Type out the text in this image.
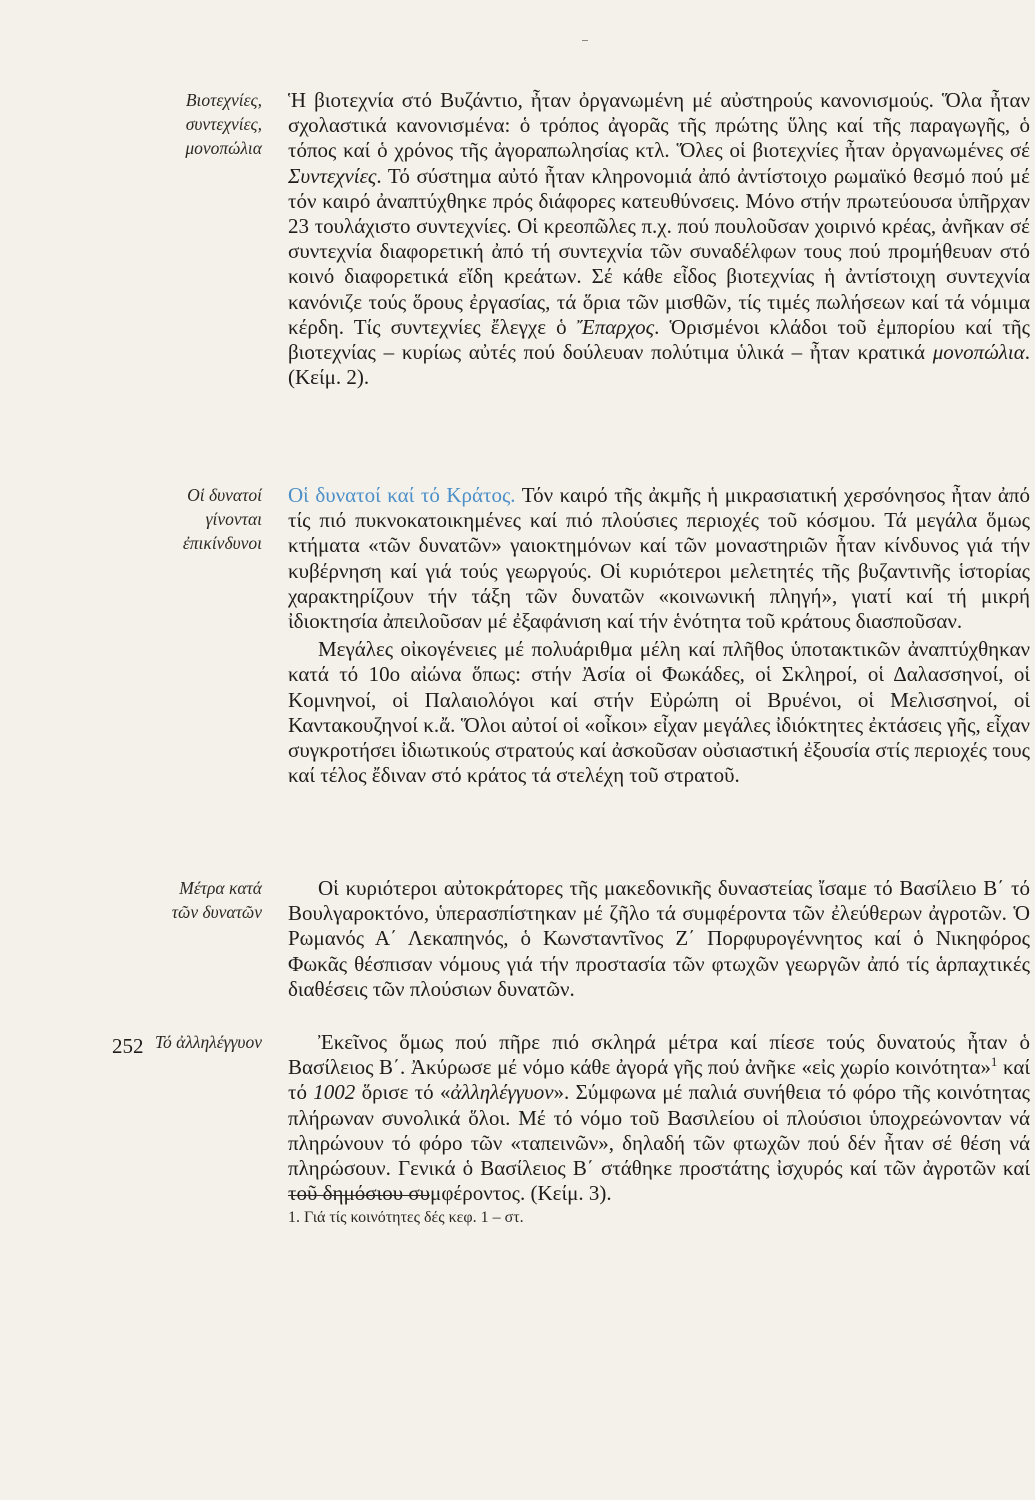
Βιοτεχνίες,
συντεχνίες,
μονοπώλια
Οἱ δυνατοί
γίνονται
ἐπικίνδυνοι
Μέτρα κατά
τῶν δυνατῶν
Τό ἀλληλέγγυον

Ἡ βιοτεχνία στό Βυζάντιο, ἦταν ὀργανωμένη μέ αὐστηρούς κανονισμούς. Ὅλα ἦταν σχολαστικά κανονισμένα: ὁ τρόπος ἀγορᾶς τῆς πρώτης ὕλης καί τῆς παραγωγῆς, ὁ τόπος καί ὁ χρόνος τῆς ἀγοραπωλησίας κτλ. Ὅλες οἱ βιοτεχνίες ἦταν ὀργανωμένες σέ Συντεχνίες. Τό σύστημα αὐτό ἦταν κληρονομιά ἀπό ἀντίστοιχο ρωμαϊκό θεσμό πού μέ τόν καιρό ἀναπτύχθηκε πρός διάφορες κατευθύνσεις. Μόνο στήν πρωτεύουσα ὑπῆρχαν 23 τουλάχιστο συντεχνίες. Οἱ κρεοπῶλες π.χ. πού πουλοῦσαν χοιρινό κρέας, ἀνῆκαν σέ συντεχνία διαφορετική ἀπό τή συντεχνία τῶν συναδέλφων τους πού προμήθευαν στό κοινό διαφορετικά εἴδη κρεάτων. Σέ κάθε εἶδος βιοτεχνίας ἡ ἀντίστοιχη συντεχνία κανόνιζε τούς ὅρους ἐργασίας, τά ὅρια τῶν μισθῶν, τίς τιμές πωλήσεων καί τά νόμιμα κέρδη. Τίς συντεχνίες ἔλεγχε ὁ Ἔπαρχος. Ὁρισμένοι κλάδοι τοῦ ἐμπορίου καί τῆς βιοτεχνίας – κυρίως αὐτές πού δούλευαν πολύτιμα ὑλικά – ἦταν κρατικά μονοπώλια. (Κείμ. 2).

Οἱ δυνατοί καί τό Κράτος. Τόν καιρό τῆς ἀκμῆς ἡ μικρασιατική χερσόνησος ἦταν ἀπό τίς πιό πυκνοκατοικημένες καί πιό πλούσιες περιοχές τοῦ κόσμου. Τά μεγάλα ὅμως κτήματα «τῶν δυνατῶν» γαιοκτημόνων καί τῶν μοναστηριῶν ἦταν κίνδυνος γιά τήν κυβέρνηση καί γιά τούς γεωργούς. Οἱ κυριότεροι μελετητές τῆς βυζαντινῆς ἱστορίας χαρακτηρίζουν τήν τάξη τῶν δυνατῶν «κοινωνική πληγή», γιατί καί τή μικρή ἰδιοκτησία ἀπειλοῦσαν μέ ἐξαφάνιση καί τήν ἑνότητα τοῦ κράτους διασποῦσαν.

Μεγάλες οἰκογένειες μέ πολυάριθμα μέλη καί πλῆθος ὑποτακτικῶν ἀναπτύχθηκαν κατά τό 10ο αἰώνα ὅπως: στήν Ἀσία οἱ Φωκάδες, οἱ Σκληροί, οἱ Δαλασσηνοί, οἱ Κομνηνοί, οἱ Παλαιολόγοι καί στήν Εὐρώπη οἱ Βρυένοι, οἱ Μελισσηνοί, οἱ Καντακουζηνοί κ.ἄ. Ὅλοι αὐτοί οἱ «οἶκοι» εἶχαν μεγάλες ἰδιόκτητες ἐκτάσεις γῆς, εἶχαν συγκροτήσει ἰδιωτικούς στρατούς καί ἀσκοῦσαν οὐσιαστική ἐξουσία στίς περιοχές τους καί τέλος ἔδιναν στό κράτος τά στελέχη τοῦ στρατοῦ.

Οἱ κυριότεροι αὐτοκράτορες τῆς μακεδονικῆς δυναστείας ἴσαμε τό Βασίλειο Β΄ τό Βουλγαροκτόνο, ὑπερασπίστηκαν μέ ζῆλο τά συμφέροντα τῶν ἐλεύθερων ἀγροτῶν. Ὁ Ρωμανός Α΄ Λεκαπηνός, ὁ Κωνσταντῖνος Ζ΄ Πορφυρογέννητος καί ὁ Νικηφόρος Φωκᾶς θέσπισαν νόμους γιά τήν προστασία τῶν φτωχῶν γεωργῶν ἀπό τίς ἁρπαχτικές διαθέσεις τῶν πλούσιων δυνατῶν.

Ἐκεῖνος ὅμως πού πῆρε πιό σκληρά μέτρα καί πίεσε τούς δυνατούς ἦταν ὁ Βασίλειος Β΄. Ἀκύρωσε μέ νόμο κάθε ἀγορά γῆς πού ἀνῆκε «εἰς χωρίο κοινότητα»$^1$ καί τό 1002 ὅρισε τό «ἀλληλέγγυον». Σύμφωνα μέ παλιά συνήθεια τό φόρο τῆς κοινότητας πλήρωναν συνολικά ὅλοι. Μέ τό νόμο τοῦ Βασιλείου οἱ πλούσιοι ὑποχρεώνονταν νά πληρώνουν τό φόρο τῶν «ταπεινῶν», δηλαδή τῶν φτωχῶν πού δέν ἦταν σέ θέση νά πληρώσουν. Γενικά ὁ Βασίλειος Β΄ στάθηκε προστάτης ἰσχυρός καί τῶν ἀγροτῶν καί τοῦ δημόσιου συμφέροντος. (Κείμ. 3).

1. Γιά τίς κοινότητες δές κεφ. 1 – στ.
252
